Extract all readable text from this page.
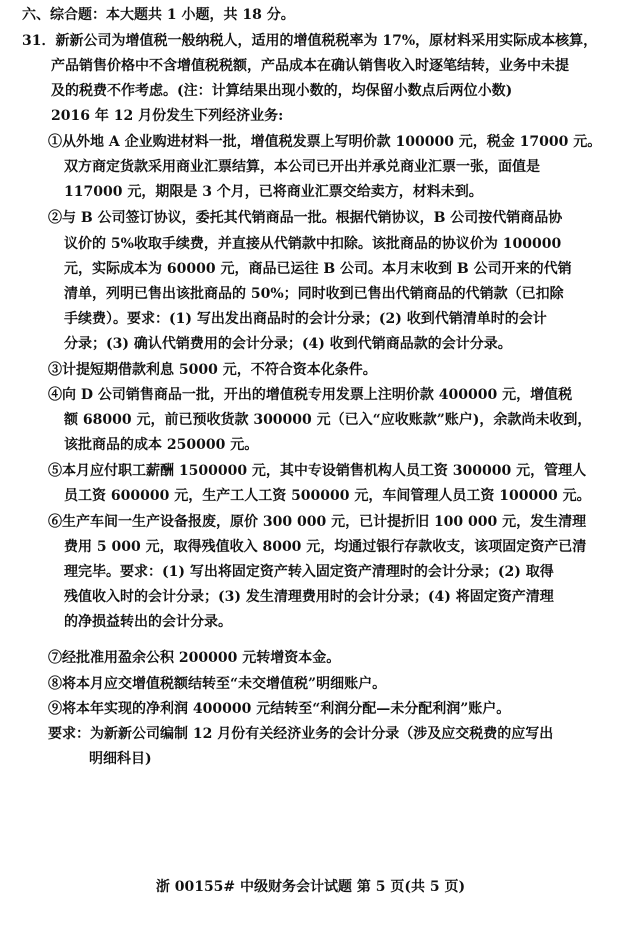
六、综合题：本大题共 1 小题，共 18 分。
31．新新公司为增值税一般纳税人，适用的增值税税率为 17%，原材料采用实际成本核算，
产品销售价格中不含增值税税额，产品成本在确认销售收入时逐笔结转，业务中未提
及的税费不作考虑。(注：计算结果出现小数的，均保留小数点后两位小数)
2016 年 12 月份发生下列经济业务:
①从外地 A 企业购进材料一批，增值税发票上写明价款 100000 元，税金 17000 元。
双方商定货款采用商业汇票结算，本公司已开出并承兑商业汇票一张，面值是
117000 元，期限是 3 个月，已将商业汇票交给卖方，材料未到。
②与 B 公司签订协议，委托其代销商品一批。根据代销协议，B 公司按代销商品协
议价的 5%收取手续费，并直接从代销款中扣除。该批商品的协议价为 100000
元，实际成本为 60000 元，商品已运往 B 公司。本月末收到 B 公司开来的代销
清单，列明已售出该批商品的 50%；同时收到已售出代销商品的代销款（已扣除
手续费）。要求：(1) 写出发出商品时的会计分录；(2) 收到代销清单时的会计
分录；(3) 确认代销费用的会计分录；(4) 收到代销商品款的会计分录。
③计提短期借款利息 5000 元，不符合资本化条件。
④向 D 公司销售商品一批，开出的增值税专用发票上注明价款 400000 元，增值税
额 68000 元，前已预收货款 300000 元（已入“应收账款”账户)，余款尚未收到，
该批商品的成本 250000 元。
⑤本月应付职工薪酬 1500000 元，其中专设销售机构人员工资 300000 元，管理人
员工资 600000 元，生产工人工资 500000 元，车间管理人员工资 100000 元。
⑥生产车间一生产设备报废，原价 300 000 元，已计提折旧 100 000 元，发生清理
费用 5 000 元，取得残值收入 8000 元，均通过银行存款收支，该项固定资产已清
理完毕。要求：(1) 写出将固定资产转入固定资产清理时的会计分录；(2) 取得
残值收入时的会计分录；(3) 发生清理费用时的会计分录；(4) 将固定资产清理
的净损益转出的会计分录。
⑦经批准用盈余公积 200000 元转增资本金。
⑧将本月应交增值税额结转至“未交增值税”明细账户。
⑨将本年实现的净利润 400000 元结转至“利润分配—未分配利润”账户。
要求：为新新公司编制 12 月份有关经济业务的会计分录（涉及应交税费的应写出
明细科目)
浙 00155# 中级财务会计试题 第 5 页(共 5 页)
